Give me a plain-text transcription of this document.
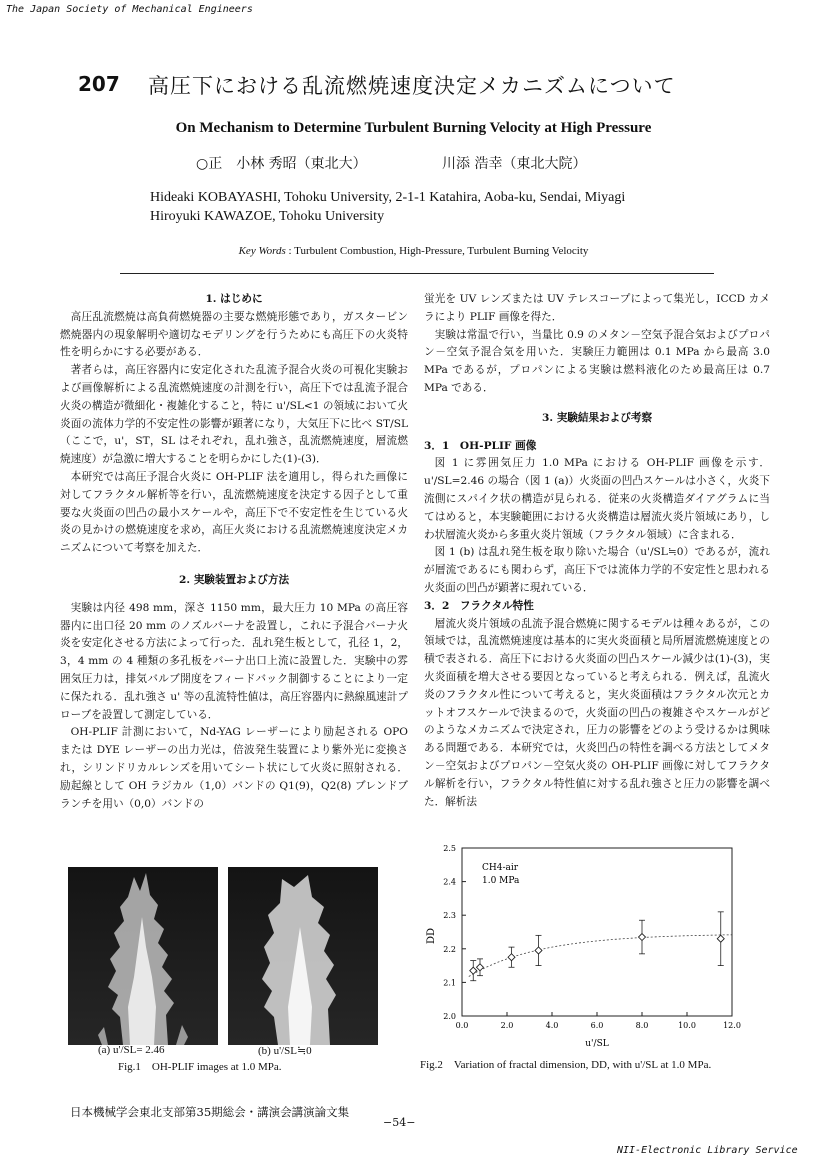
The Japan Society of Mechanical Engineers
207 高圧下における乱流燃焼速度決定メカニズムについて
On Mechanism to Determine Turbulent Burning Velocity at High Pressure
○正　小林 秀昭（東北大）	川添 浩幸（東北大院）
Hideaki KOBAYASHI, Tohoku University, 2-1-1 Katahira, Aoba-ku, Sendai, Miyagi
Hiroyuki KAWAZOE, Tohoku University
Key Words : Turbulent Combustion, High-Pressure, Turbulent Burning Velocity

1. はじめに

高圧乱流燃焼は高負荷燃焼器の主要な燃焼形態であり，ガスタービン燃焼器内の現象解明や適切なモデリングを行うためにも高圧下の火炎特性を明らかにする必要がある．

著者らは，高圧容器内に安定化された乱流予混合火炎の可視化実験および画像解析による乱流燃焼速度の計測を行い，高圧下では乱流予混合火炎の構造が微細化・複雑化すること，特に u'/SL<1 の領域において火炎面の流体力学的不安定性の影響が顕著になり，大気圧下に比べ ST/SL（ここで，u'，ST，SL はそれぞれ，乱れ強さ，乱流燃焼速度，層流燃焼速度）が急激に増大することを明らかにした(1)-(3)．

本研究では高圧予混合火炎に OH-PLIF 法を適用し，得られた画像に対してフラクタル解析等を行い，乱流燃焼速度を決定する因子として重要な火炎面の凹凸の最小スケールや，高圧下で不安定性を生じている火炎の見かけの燃焼速度を求め，高圧火炎における乱流燃焼速度決定メカニズムについて考察を加えた．

2. 実験装置および方法

実験は内径 498 mm，深さ 1150 mm，最大圧力 10 MPa の高圧容器内に出口径 20 mm のノズルバーナを設置し，これに予混合バーナ火炎を安定化させる方法によって行った．乱れ発生板として，孔径 1，2，3，4 mm の 4 種類の多孔板をバーナ出口上流に設置した．実験中の雰囲気圧力は，排気バルブ開度をフィードバック制御することにより一定に保たれる．乱れ強さ u' 等の乱流特性値は，高圧容器内に熱線風速計プローブを設置して測定している．

OH-PLIF 計測において，Nd-YAG レーザーにより励起される OPO または DYE レーザーの出力光は，倍波発生装置により紫外光に変換され，シリンドリカルレンズを用いてシート状にして火炎に照射される．励起線として OH ラジカル（1,0）バンドの Q1(9)，Q2(8) ブレンドブランチを用い（0,0）バンドの

蛍光を UV レンズまたは UV テレスコープによって集光し，ICCD カメラにより PLIF 画像を得た．

実験は常温で行い，当量比 0.9 のメタン－空気予混合気およびプロパン－空気予混合気を用いた．実験圧力範囲は 0.1 MPa から最高 3.0 MPa であるが，プロパンによる実験は燃料液化のため最高圧は 0.7 MPa である．

3. 実験結果および考察

3．1　OH-PLIF 画像

図 1 に雰囲気圧力 1.0 MPa における OH-PLIF 画像を示す．u'/SL=2.46 の場合（図 1 (a)）火炎面の凹凸スケールは小さく，火炎下流側にスパイク状の構造が見られる．従来の火炎構造ダイアグラムに当てはめると，本実験範囲における火炎構造は層流火炎片領域にあり，しわ状層流火炎から多重火炎片領域（フラクタル領域）に含まれる．

図 1 (b) は乱れ発生板を取り除いた場合（u'/SL≒0）であるが，流れが層流であるにも関わらず，高圧下では流体力学的不安定性と思われる火炎面の凹凸が顕著に現れている．

3．2　フラクタル特性

層流火炎片領域の乱流予混合燃焼に関するモデルは種々あるが，この領域では，乱流燃焼速度は基本的に実火炎面積と局所層流燃焼速度との積で表される．高圧下における火炎面の凹凸スケール減少は(1)-(3)，実火炎面積を増大させる要因となっていると考えられる．例えば，乱流火炎のフラクタル性について考えると，実火炎面積はフラクタル次元とカットオフスケールで決まるので，火炎面の凹凸の複雑さやスケールがどのようなメカニズムで決定され，圧力の影響をどのよう受けるかは興味ある問題である．本研究では，火炎凹凸の特性を調べる方法としてメタン－空気およびプロパン－空気火炎の OH-PLIF 画像に対してフラクタル解析を行い，フラクタル特性値に対する乱れ強さと圧力の影響を調べた．解析法

(a) u'/SL= 2.46	(b) u'/SL≒0
Fig.1　OH-PLIF images at 1.0 MPa.
2.0
2.1
2.2
2.3
2.4
2.5
0.0	2.0	4.0	6.0	8.0	10.0	12.0
CH4-air
1.0 MPa
u'/SL
DD
Fig.2　Variation of fractal dimension, DD, with u'/SL at 1.0 MPa.
日本機械学会東北支部第35期総会・講演会講演論文集
−54−
NII-Electronic Library Service
